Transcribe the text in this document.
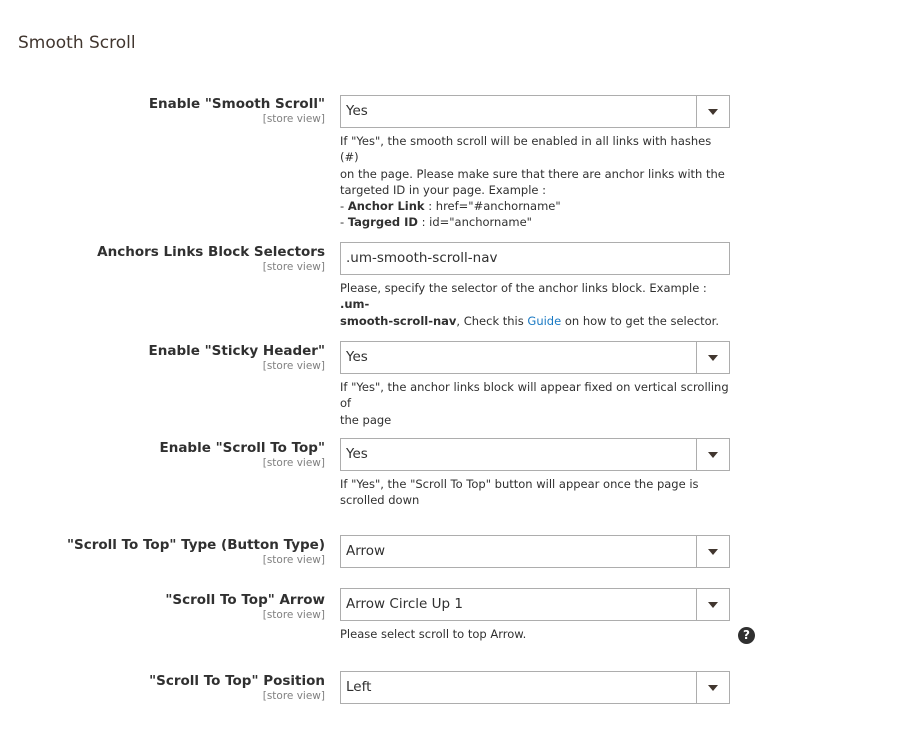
Smooth Scroll
Enable "Smooth Scroll"
[store view] Yes
If "Yes", the smooth scroll will be enabled in all links with hashes (#)
on the page. Please make sure that there are anchor links with the
targeted ID in your page. Example :
- Anchor Link : href="#anchorname"
- Tagrged ID : id="anchorname"
Anchors Links Block Selectors
[store view]
.um-smooth-scroll-nav
Please, specify the selector of the anchor links block. Example : .um-
smooth-scroll-nav, Check this Guide on how to get the selector.
Enable "Sticky Header"
[store view]
Yes
If "Yes", the anchor links block will appear fixed on vertical scrolling of
the page
Enable "Scroll To Top"
[store view]
Yes
If "Yes", the "Scroll To Top" button will appear once the page is
scrolled down
"Scroll To Top" Type (Button Type)
[store view]
Arrow
"Scroll To Top" Arrow
[store view]
Arrow Circle Up 1
Please select scroll to top Arrow.	?
"Scroll To Top" Position
[store view]
Left
